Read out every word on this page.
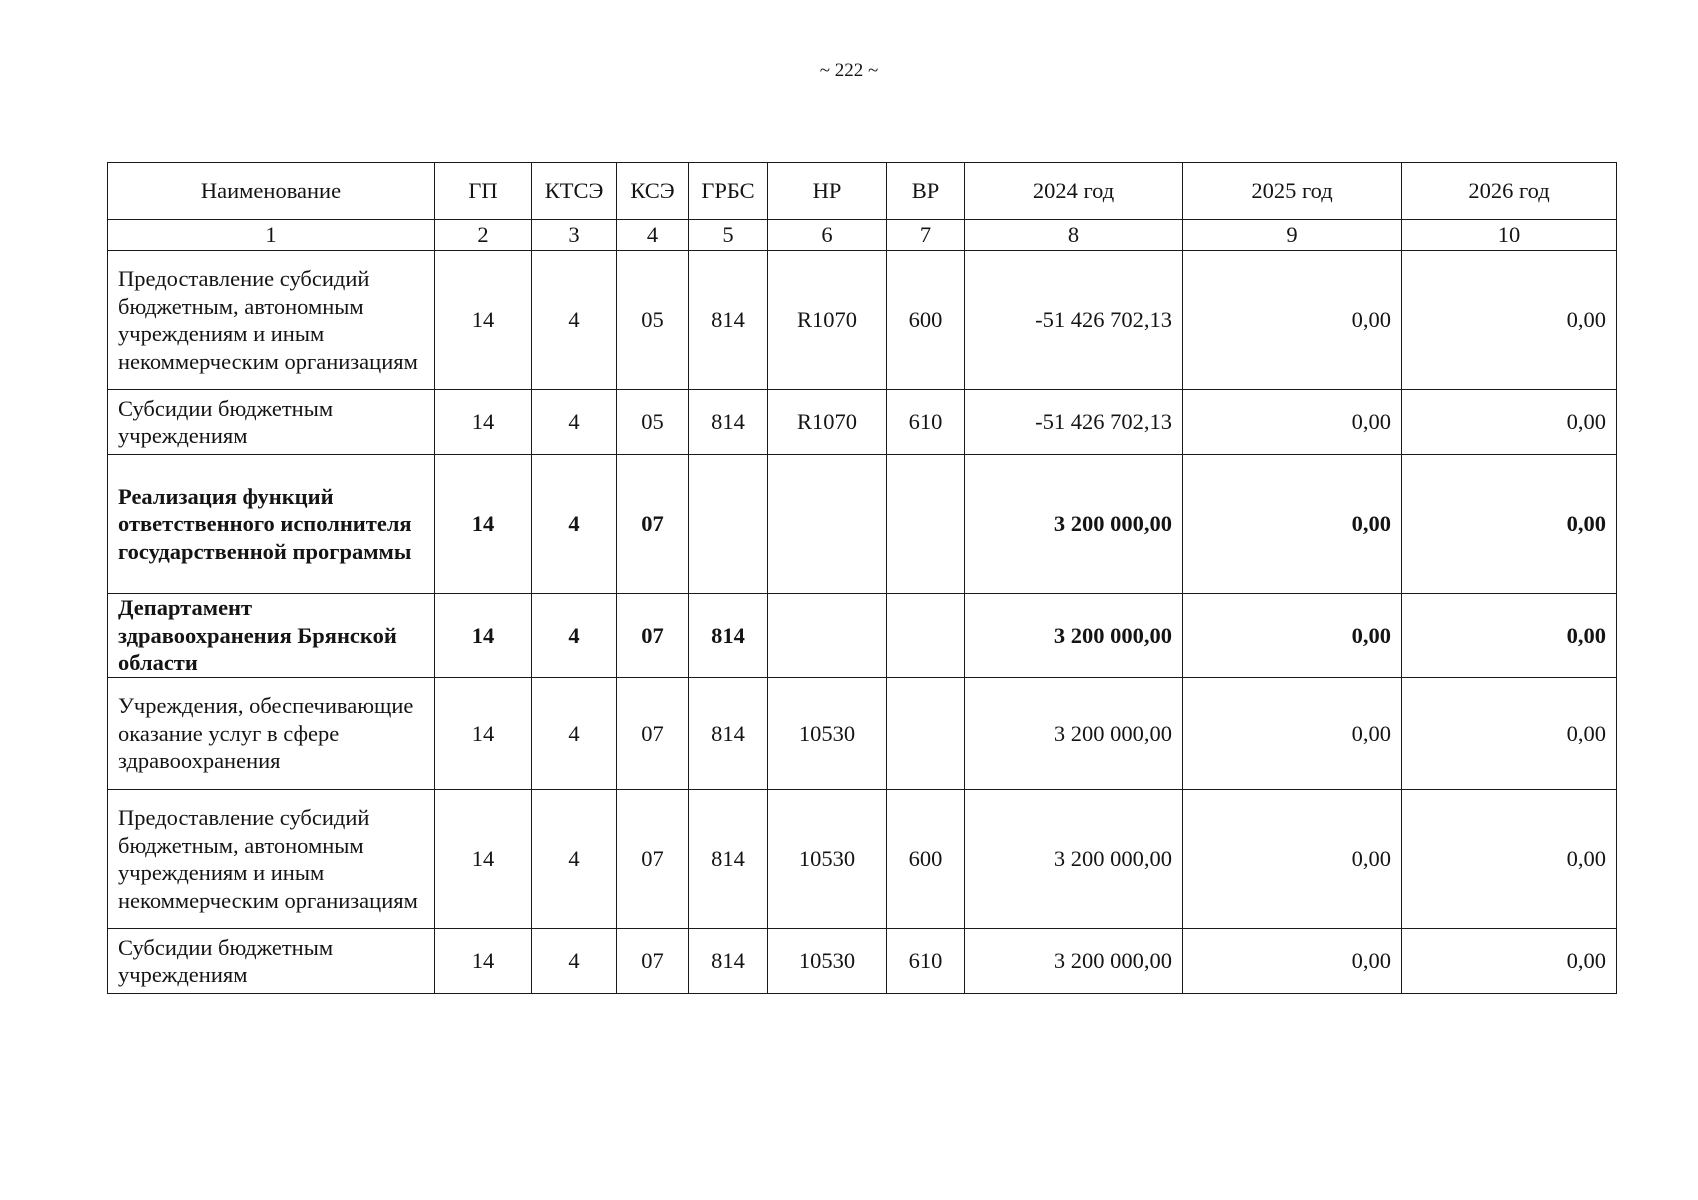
~ 222 ~
Наименование	ГП	КТСЭ	КСЭ	ГРБС	НР	ВР	2024 год	2025 год	2026 год
1	2	3	4	5	6	7	8	9	10
Предоставление субсидий бюджетным, автономным учреждениям и иным некоммерческим организациям	14	4	05	814	R1070	600	-51 426 702,13	0,00	0,00
Субсидии бюджетным учреждениям	14	4	05	814	R1070	610	-51 426 702,13	0,00	0,00
Реализация функций ответственного исполнителя государственной программы	14	4	07				3 200 000,00	0,00	0,00
Департамент здравоохранения Брянской области	14	4	07	814			3 200 000,00	0,00	0,00
Учреждения, обеспечивающие оказание услуг в сфере здравоохранения	14	4	07	814	10530		3 200 000,00	0,00	0,00
Предоставление субсидий бюджетным, автономным учреждениям и иным некоммерческим организациям	14	4	07	814	10530	600	3 200 000,00	0,00	0,00
Субсидии бюджетным учреждениям	14	4	07	814	10530	610	3 200 000,00	0,00	0,00
